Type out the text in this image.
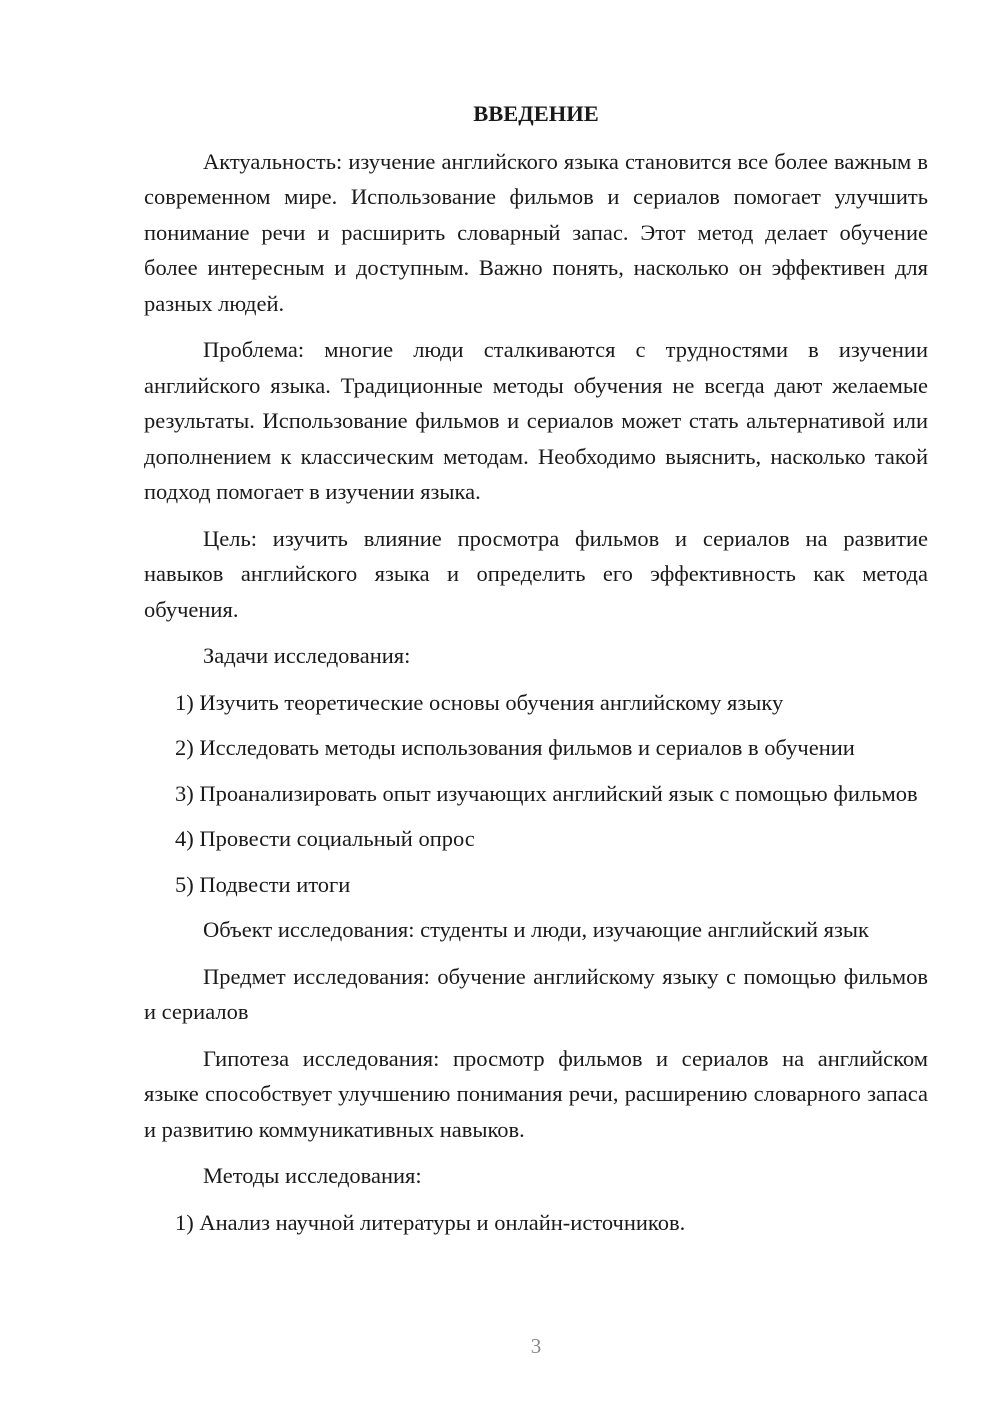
ВВЕДЕНИЕ

Актуальность: изучение английского языка становится все более важным в современном мире. Использование фильмов и сериалов помогает улучшить понимание речи и расширить словарный запас. Этот метод делает обучение более интересным и доступным. Важно понять, насколько он эффективен для разных людей.

Проблема: многие люди сталкиваются с трудностями в изучении английского языка. Традиционные методы обучения не всегда дают желаемые результаты. Использование фильмов и сериалов может стать альтернативой или дополнением к классическим методам. Необходимо выяснить, насколько такой подход помогает в изучении языка.

Цель: изучить влияние просмотра фильмов и сериалов на развитие навыков английского языка и определить его эффективность как метода обучения.

Задачи исследования:

1) Изучить теоретические основы обучения английскому языку

2) Исследовать методы использования фильмов и сериалов в обучении

3) Проанализировать опыт изучающих английский язык с помощью фильмов

4) Провести социальный опрос

5) Подвести итоги

Объект исследования: студенты и люди, изучающие английский язык

Предмет исследования: обучение английскому языку с помощью фильмов и сериалов

Гипотеза исследования: просмотр фильмов и сериалов на английском языке способствует улучшению понимания речи, расширению словарного запаса и развитию коммуникативных навыков.

Методы исследования:

1) Анализ научной литературы и онлайн-источников.

3
